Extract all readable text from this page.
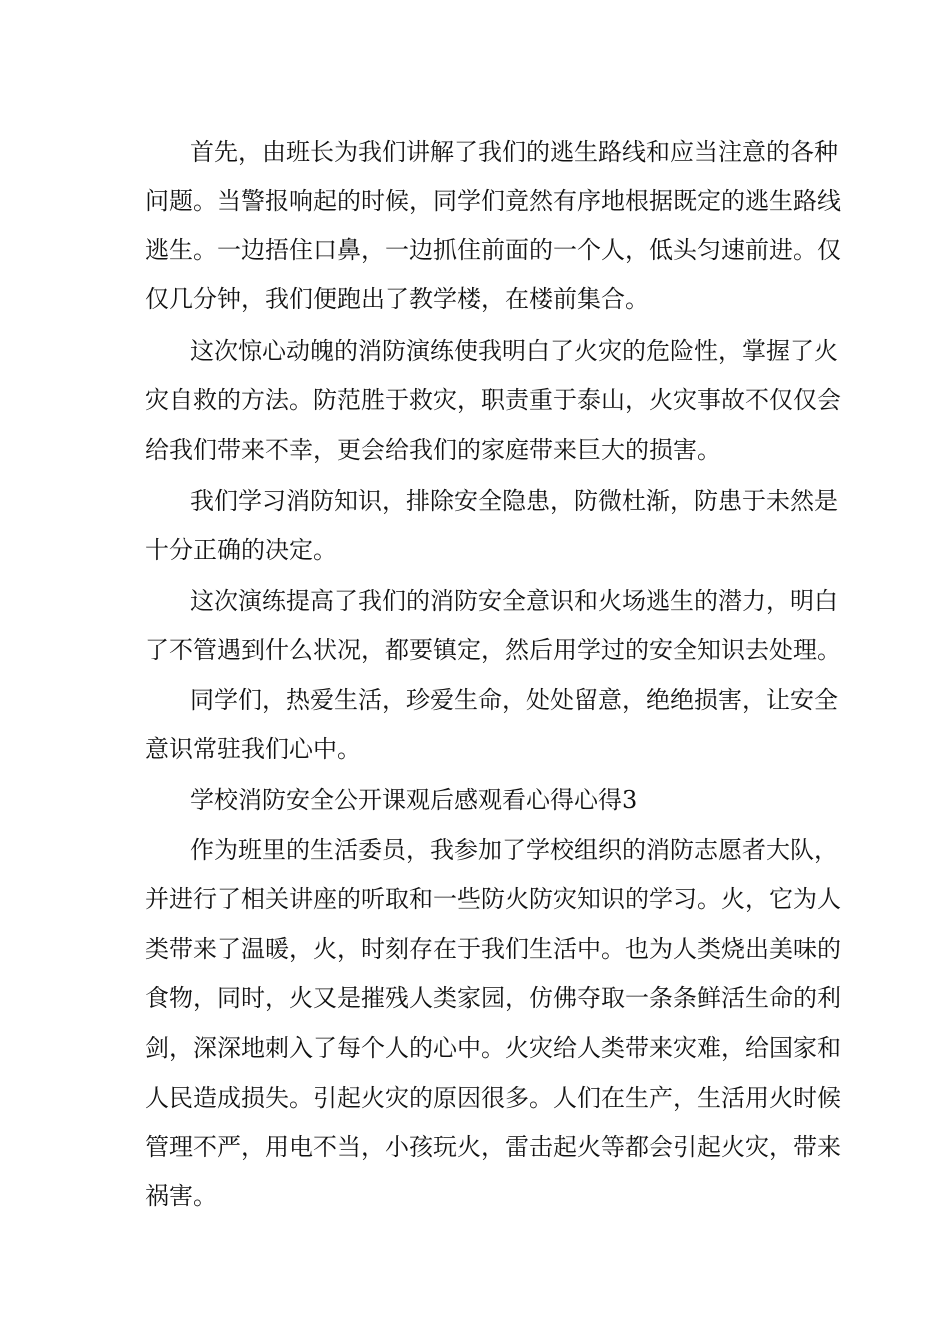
首先，由班长为我们讲解了我们的逃生路线和应当注意的各种
问题。当警报响起的时候，同学们竟然有序地根据既定的逃生路线
逃生。一边捂住口鼻，一边抓住前面的一个人，低头匀速前进。仅
仅几分钟，我们便跑出了教学楼，在楼前集合。
这次惊心动魄的消防演练使我明白了火灾的危险性，掌握了火
灾自救的方法。防范胜于救灾，职责重于泰山，火灾事故不仅仅会
给我们带来不幸，更会给我们的家庭带来巨大的损害。
我们学习消防知识，排除安全隐患，防微杜渐，防患于未然是
十分正确的决定。
这次演练提高了我们的消防安全意识和火场逃生的潜力，明白
了不管遇到什么状况，都要镇定，然后用学过的安全知识去处理。
同学们，热爱生活，珍爱生命，处处留意，绝绝损害，让安全
意识常驻我们心中。
学校消防安全公开课观后感观看心得心得3
作为班里的生活委员，我参加了学校组织的消防志愿者大队，
并进行了相关讲座的听取和一些防火防灾知识的学习。火，它为人
类带来了温暖，火，时刻存在于我们生活中。也为人类烧出美味的
食物，同时，火又是摧残人类家园，仿佛夺取一条条鲜活生命的利
剑，深深地刺入了每个人的心中。火灾给人类带来灾难，给国家和
人民造成损失。引起火灾的原因很多。人们在生产，生活用火时候
管理不严，用电不当，小孩玩火，雷击起火等都会引起火灾，带来
祸害。
